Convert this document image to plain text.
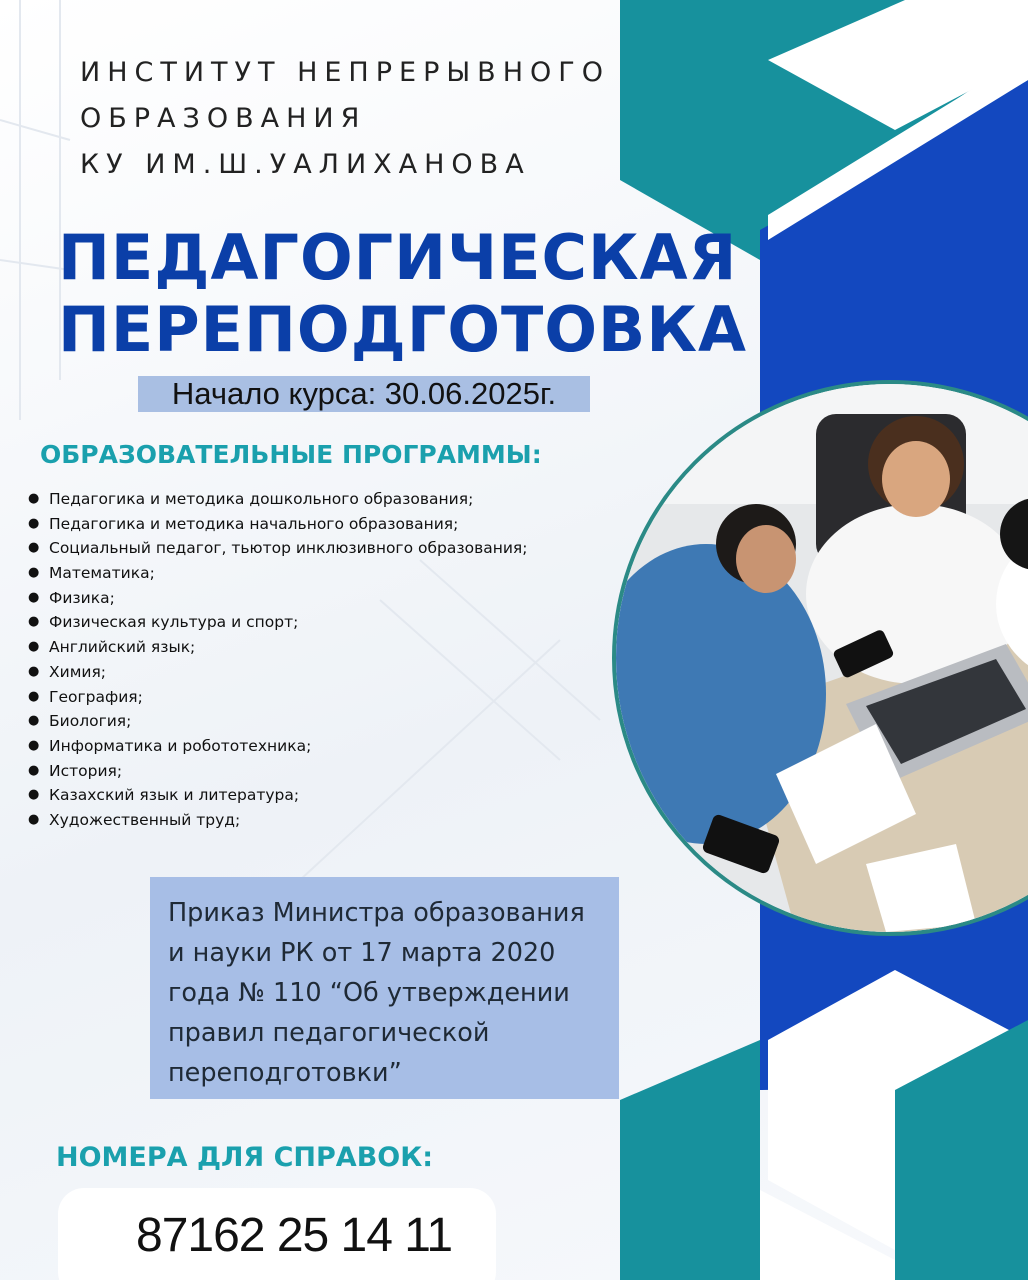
ИНСТИТУТ НЕПРЕРЫВНОГО
ОБРАЗОВАНИЯ
КУ ИМ.Ш.УАЛИХАНОВА
ПЕДАГОГИЧЕСКАЯ
ПЕРЕПОДГОТОВКА
Начало курса: 30.06.2025г.
ОБРАЗОВАТЕЛЬНЫЕ ПРОГРАММЫ:
● Педагогика и методика дошкольного образования;
● Педагогика и методика начального образования;
● Социальный педагог, тьютор инклюзивного образования;
● Математика;
● Физика;
● Физическая культура и спорт;
● Английский язык;
● Химия;
● География;
● Биология;
● Информатика и робототехника;
● История;
● Казахский язык и литература;
● Художественный труд;
Приказ Министра образования
и науки РК от 17 марта 2020
года № 110 “Об утверждении
правил педагогической
переподготовки”
НОМЕРА ДЛЯ СПРАВОК:
87162 25 14 11
